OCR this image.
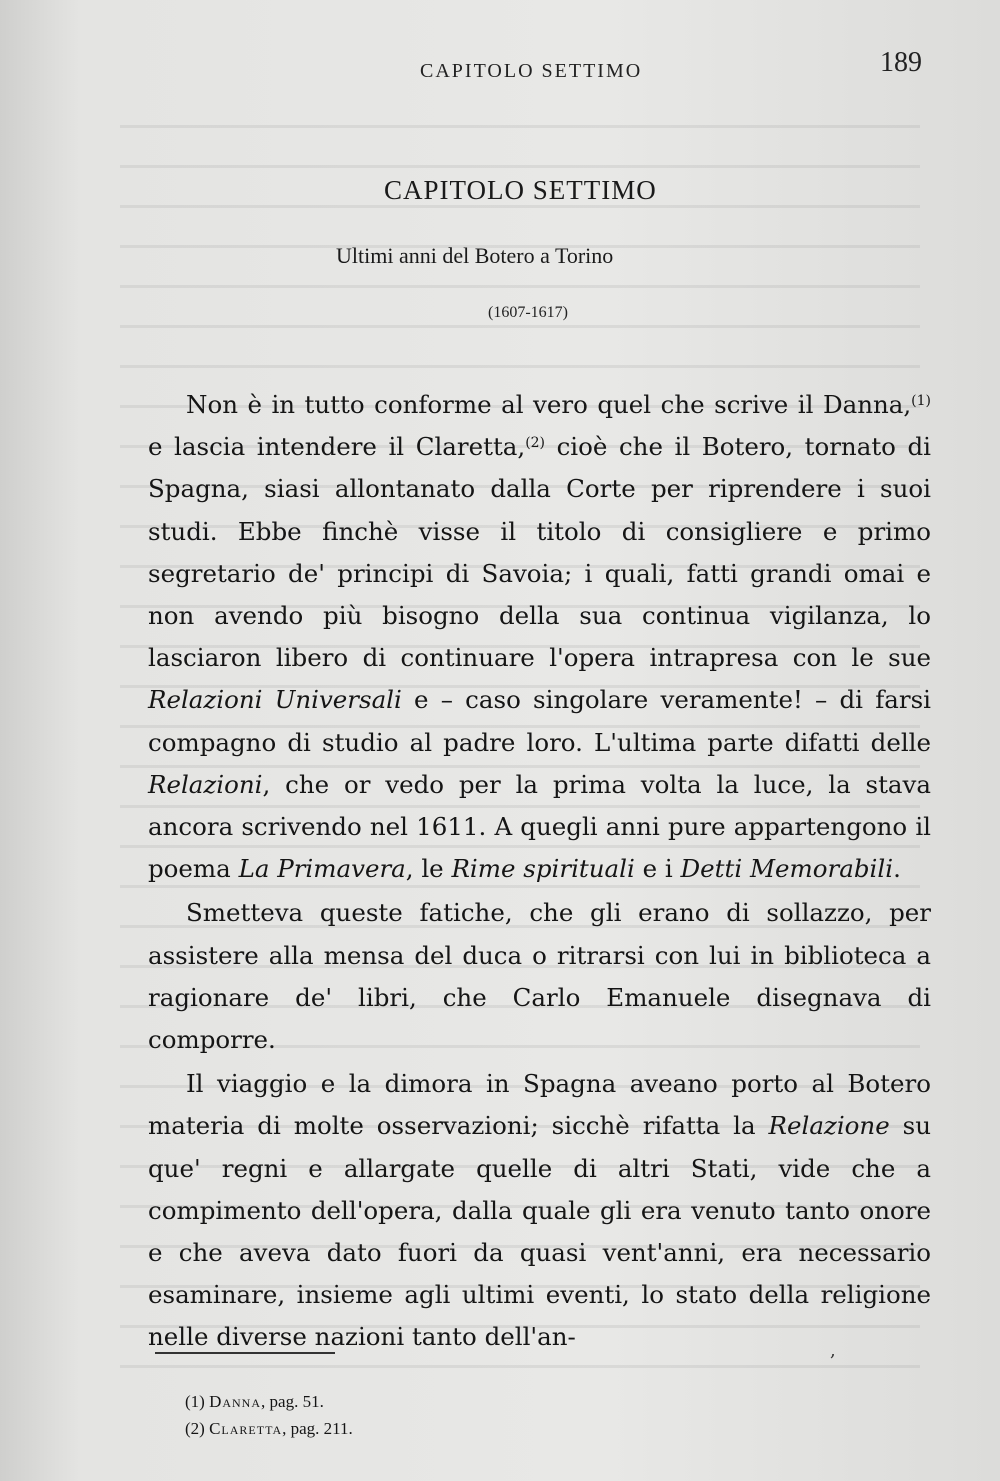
CAPITOLO SETTIMO	189
CAPITOLO SETTIMO
Ultimi anni del Botero a Torino
(1607-1617)

Non è in tutto conforme al vero quel che scrive il Danna,$^{(1)}$ e lascia intendere il Claretta,$^{(2)}$ cioè che il Botero, tornato di Spagna, siasi allontanato dalla Corte per riprendere i suoi studi. Ebbe finchè visse il titolo di consigliere e primo segretario de' principi di Savoia; i quali, fatti grandi omai e non avendo più bisogno della sua continua vigilanza, lo lasciaron libero di continuare l'opera intrapresa con le sue Relazioni Universali e – caso singolare veramente! – di farsi compagno di studio al padre loro. L'ultima parte difatti delle Relazioni, che or vedo per la prima volta la luce, la stava ancora scrivendo nel 1611. A quegli anni pure appartengono il poema La Primavera, le Rime spirituali e i Detti Memorabili.

Smetteva queste fatiche, che gli erano di sollazzo, per assistere alla mensa del duca o ritrarsi con lui in biblioteca a ragionare de' libri, che Carlo Emanuele disegnava di comporre.

Il viaggio e la dimora in Spagna aveano porto al Botero materia di molte osservazioni; sicchè rifatta la Relazione su que' regni e allargate quelle di altri Stati, vide che a compimento dell'opera, dalla quale gli era venuto tanto onore e che aveva dato fuori da quasi vent'anni, era necessario esaminare, insieme agli ultimi eventi, lo stato della religione nelle diverse nazioni tanto dell'an-	,
(1) Danna, pag. 51.
(2) Claretta, pag. 211.
